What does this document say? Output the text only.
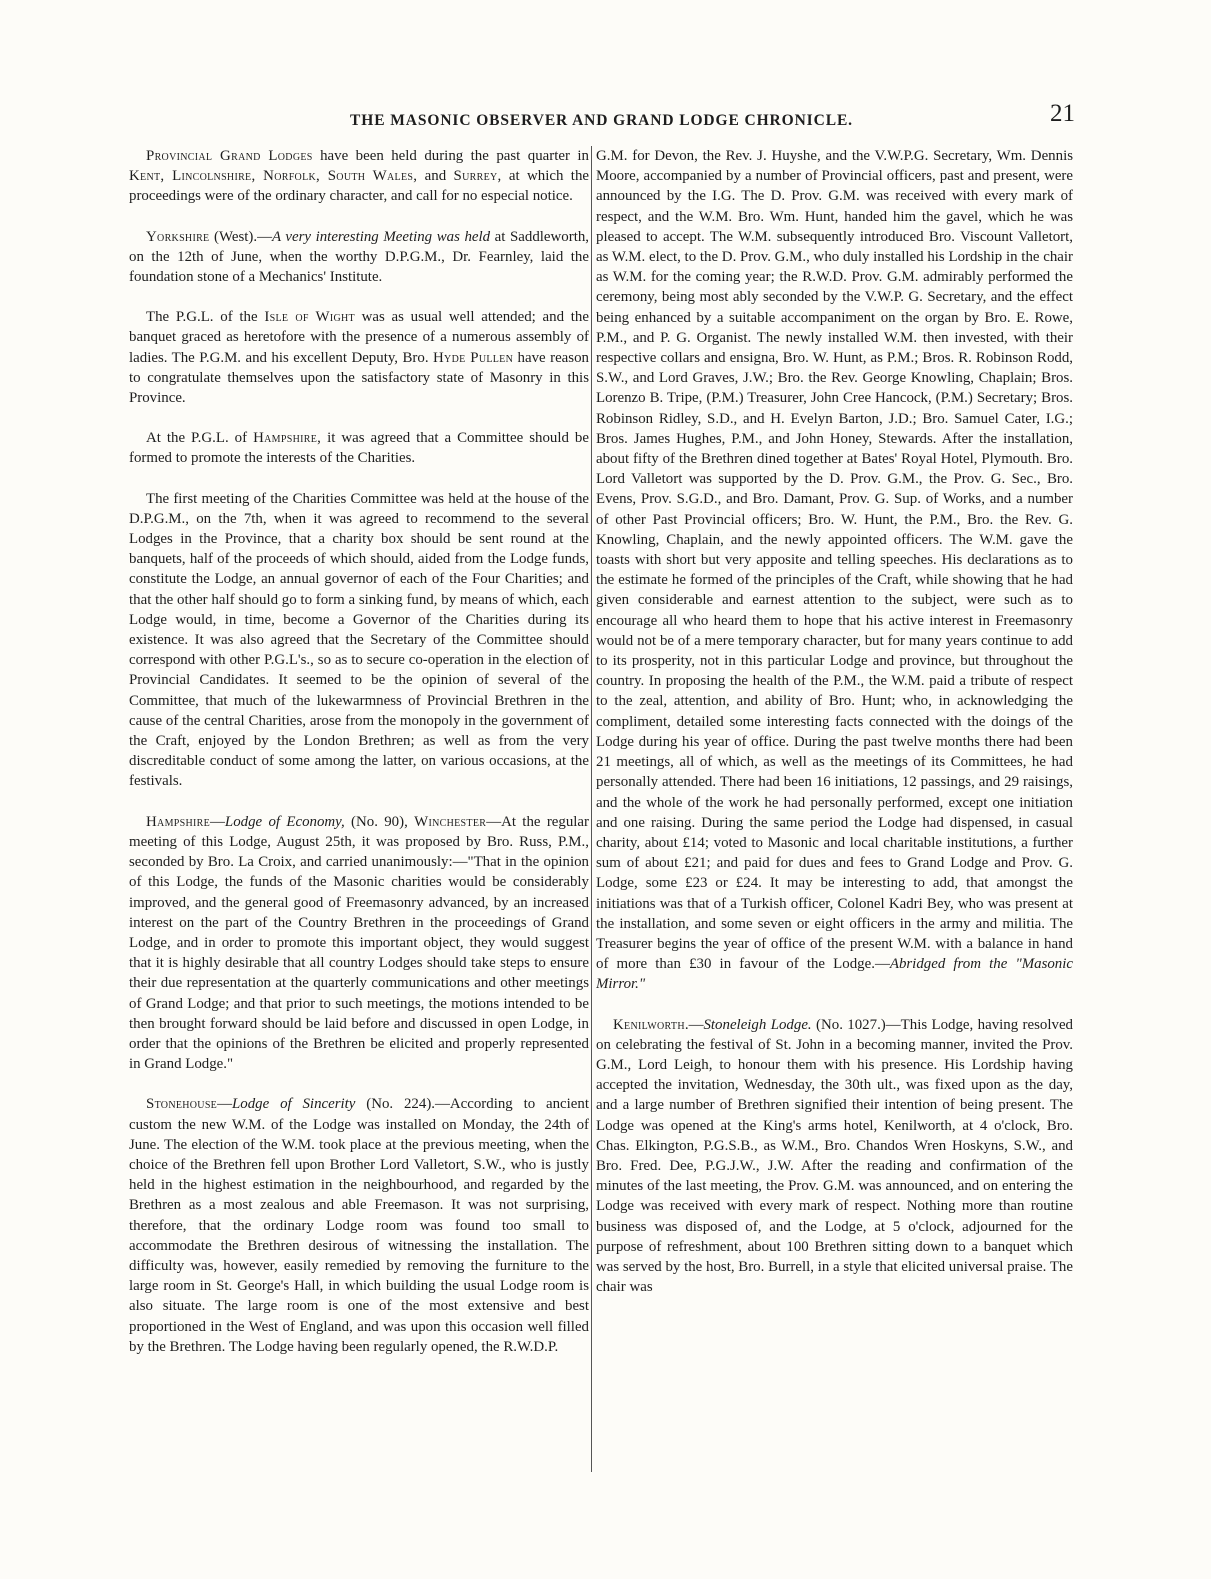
THE MASONIC OBSERVER AND GRAND LODGE CHRONICLE.	21

Provincial Grand Lodges have been held during the past quarter in Kent, Lincolnshire, Norfolk, South Wales, and Surrey, at which the proceedings were of the ordinary character, and call for no especial notice.

Yorkshire (West).—A very interesting Meeting was held at Saddleworth, on the 12th of June, when the worthy D.P.G.M., Dr. Fearnley, laid the foundation stone of a Mechanics' Institute.

The P.G.L. of the Isle of Wight was as usual well attended; and the banquet graced as heretofore with the presence of a numerous assembly of ladies. The P.G.M. and his excellent Deputy, Bro. Hyde Pullen have reason to congratulate themselves upon the satisfactory state of Masonry in this Province.

At the P.G.L. of Hampshire, it was agreed that a Committee should be formed to promote the interests of the Charities.

The first meeting of the Charities Committee was held at the house of the D.P.G.M., on the 7th, when it was agreed to recommend to the several Lodges in the Province, that a charity box should be sent round at the banquets, half of the proceeds of which should, aided from the Lodge funds, constitute the Lodge, an annual governor of each of the Four Charities; and that the other half should go to form a sinking fund, by means of which, each Lodge would, in time, become a Governor of the Charities during its existence. It was also agreed that the Secretary of the Committee should correspond with other P.G.L's., so as to secure co-operation in the election of Provincial Candidates. It seemed to be the opinion of several of the Committee, that much of the lukewarmness of Provincial Brethren in the cause of the central Charities, arose from the monopoly in the government of the Craft, enjoyed by the London Brethren; as well as from the very discreditable conduct of some among the latter, on various occasions, at the festivals.

Hampshire—Lodge of Economy, (No. 90), Winchester—At the regular meeting of this Lodge, August 25th, it was proposed by Bro. Russ, P.M., seconded by Bro. La Croix, and carried unanimously:—"That in the opinion of this Lodge, the funds of the Masonic charities would be considerably improved, and the general good of Freemasonry advanced, by an increased interest on the part of the Country Brethren in the proceedings of Grand Lodge, and in order to promote this important object, they would suggest that it is highly desirable that all country Lodges should take steps to ensure their due representation at the quarterly communications and other meetings of Grand Lodge; and that prior to such meetings, the motions intended to be then brought forward should be laid before and discussed in open Lodge, in order that the opinions of the Brethren be elicited and properly represented in Grand Lodge."

Stonehouse—Lodge of Sincerity (No. 224).—According to ancient custom the new W.M. of the Lodge was installed on Monday, the 24th of June. The election of the W.M. took place at the previous meeting, when the choice of the Brethren fell upon Brother Lord Valletort, S.W., who is justly held in the highest estimation in the neighbourhood, and regarded by the Brethren as a most zealous and able Freemason. It was not surprising, therefore, that the ordinary Lodge room was found too small to accommodate the Brethren desirous of witnessing the installation. The difficulty was, however, easily remedied by removing the furniture to the large room in St. George's Hall, in which building the usual Lodge room is also situate. The large room is one of the most extensive and best proportioned in the West of England, and was upon this occasion well filled by the Brethren. The Lodge having been regularly opened, the R.W.D.P.

G.M. for Devon, the Rev. J. Huyshe, and the V.W.P.G. Secretary, Wm. Dennis Moore, accompanied by a number of Provincial officers, past and present, were announced by the I.G. The D. Prov. G.M. was received with every mark of respect, and the W.M. Bro. Wm. Hunt, handed him the gavel, which he was pleased to accept. The W.M. subsequently introduced Bro. Viscount Valletort, as W.M. elect, to the D. Prov. G.M., who duly installed his Lordship in the chair as W.M. for the coming year; the R.W.D. Prov. G.M. admirably performed the ceremony, being most ably seconded by the V.W.P. G. Secretary, and the effect being enhanced by a suitable accompaniment on the organ by Bro. E. Rowe, P.M., and P. G. Organist. The newly installed W.M. then invested, with their respective collars and ensigna, Bro. W. Hunt, as P.M.; Bros. R. Robinson Rodd, S.W., and Lord Graves, J.W.; Bro. the Rev. George Knowling, Chaplain; Bros. Lorenzo B. Tripe, (P.M.) Treasurer, John Cree Hancock, (P.M.) Secretary; Bros. Robinson Ridley, S.D., and H. Evelyn Barton, J.D.; Bro. Samuel Cater, I.G.; Bros. James Hughes, P.M., and John Honey, Stewards. After the installation, about fifty of the Brethren dined together at Bates' Royal Hotel, Plymouth. Bro. Lord Valletort was supported by the D. Prov. G.M., the Prov. G. Sec., Bro. Evens, Prov. S.G.D., and Bro. Damant, Prov. G. Sup. of Works, and a number of other Past Provincial officers; Bro. W. Hunt, the P.M., Bro. the Rev. G. Knowling, Chaplain, and the newly appointed officers. The W.M. gave the toasts with short but very apposite and telling speeches. His declarations as to the estimate he formed of the principles of the Craft, while showing that he had given considerable and earnest attention to the subject, were such as to encourage all who heard them to hope that his active interest in Freemasonry would not be of a mere temporary character, but for many years continue to add to its prosperity, not in this particular Lodge and province, but throughout the country. In proposing the health of the P.M., the W.M. paid a tribute of respect to the zeal, attention, and ability of Bro. Hunt; who, in acknowledging the compliment, detailed some interesting facts connected with the doings of the Lodge during his year of office. During the past twelve months there had been 21 meetings, all of which, as well as the meetings of its Committees, he had personally attended. There had been 16 initiations, 12 passings, and 29 raisings, and the whole of the work he had personally performed, except one initiation and one raising. During the same period the Lodge had dispensed, in casual charity, about £14; voted to Masonic and local charitable institutions, a further sum of about £21; and paid for dues and fees to Grand Lodge and Prov. G. Lodge, some £23 or £24. It may be interesting to add, that amongst the initiations was that of a Turkish officer, Colonel Kadri Bey, who was present at the installation, and some seven or eight officers in the army and militia. The Treasurer begins the year of office of the present W.M. with a balance in hand of more than £30 in favour of the Lodge.—Abridged from the "Masonic Mirror."

Kenilworth.—Stoneleigh Lodge. (No. 1027.)—This Lodge, having resolved on celebrating the festival of St. John in a becoming manner, invited the Prov. G.M., Lord Leigh, to honour them with his presence. His Lordship having accepted the invitation, Wednesday, the 30th ult., was fixed upon as the day, and a large number of Brethren signified their intention of being present. The Lodge was opened at the King's arms hotel, Kenilworth, at 4 o'clock, Bro. Chas. Elkington, P.G.S.B., as W.M., Bro. Chandos Wren Hoskyns, S.W., and Bro. Fred. Dee, P.G.J.W., J.W. After the reading and confirmation of the minutes of the last meeting, the Prov. G.M. was announced, and on entering the Lodge was received with every mark of respect. Nothing more than routine business was disposed of, and the Lodge, at 5 o'clock, adjourned for the purpose of refreshment, about 100 Brethren sitting down to a banquet which was served by the host, Bro. Burrell, in a style that elicited universal praise. The chair was
